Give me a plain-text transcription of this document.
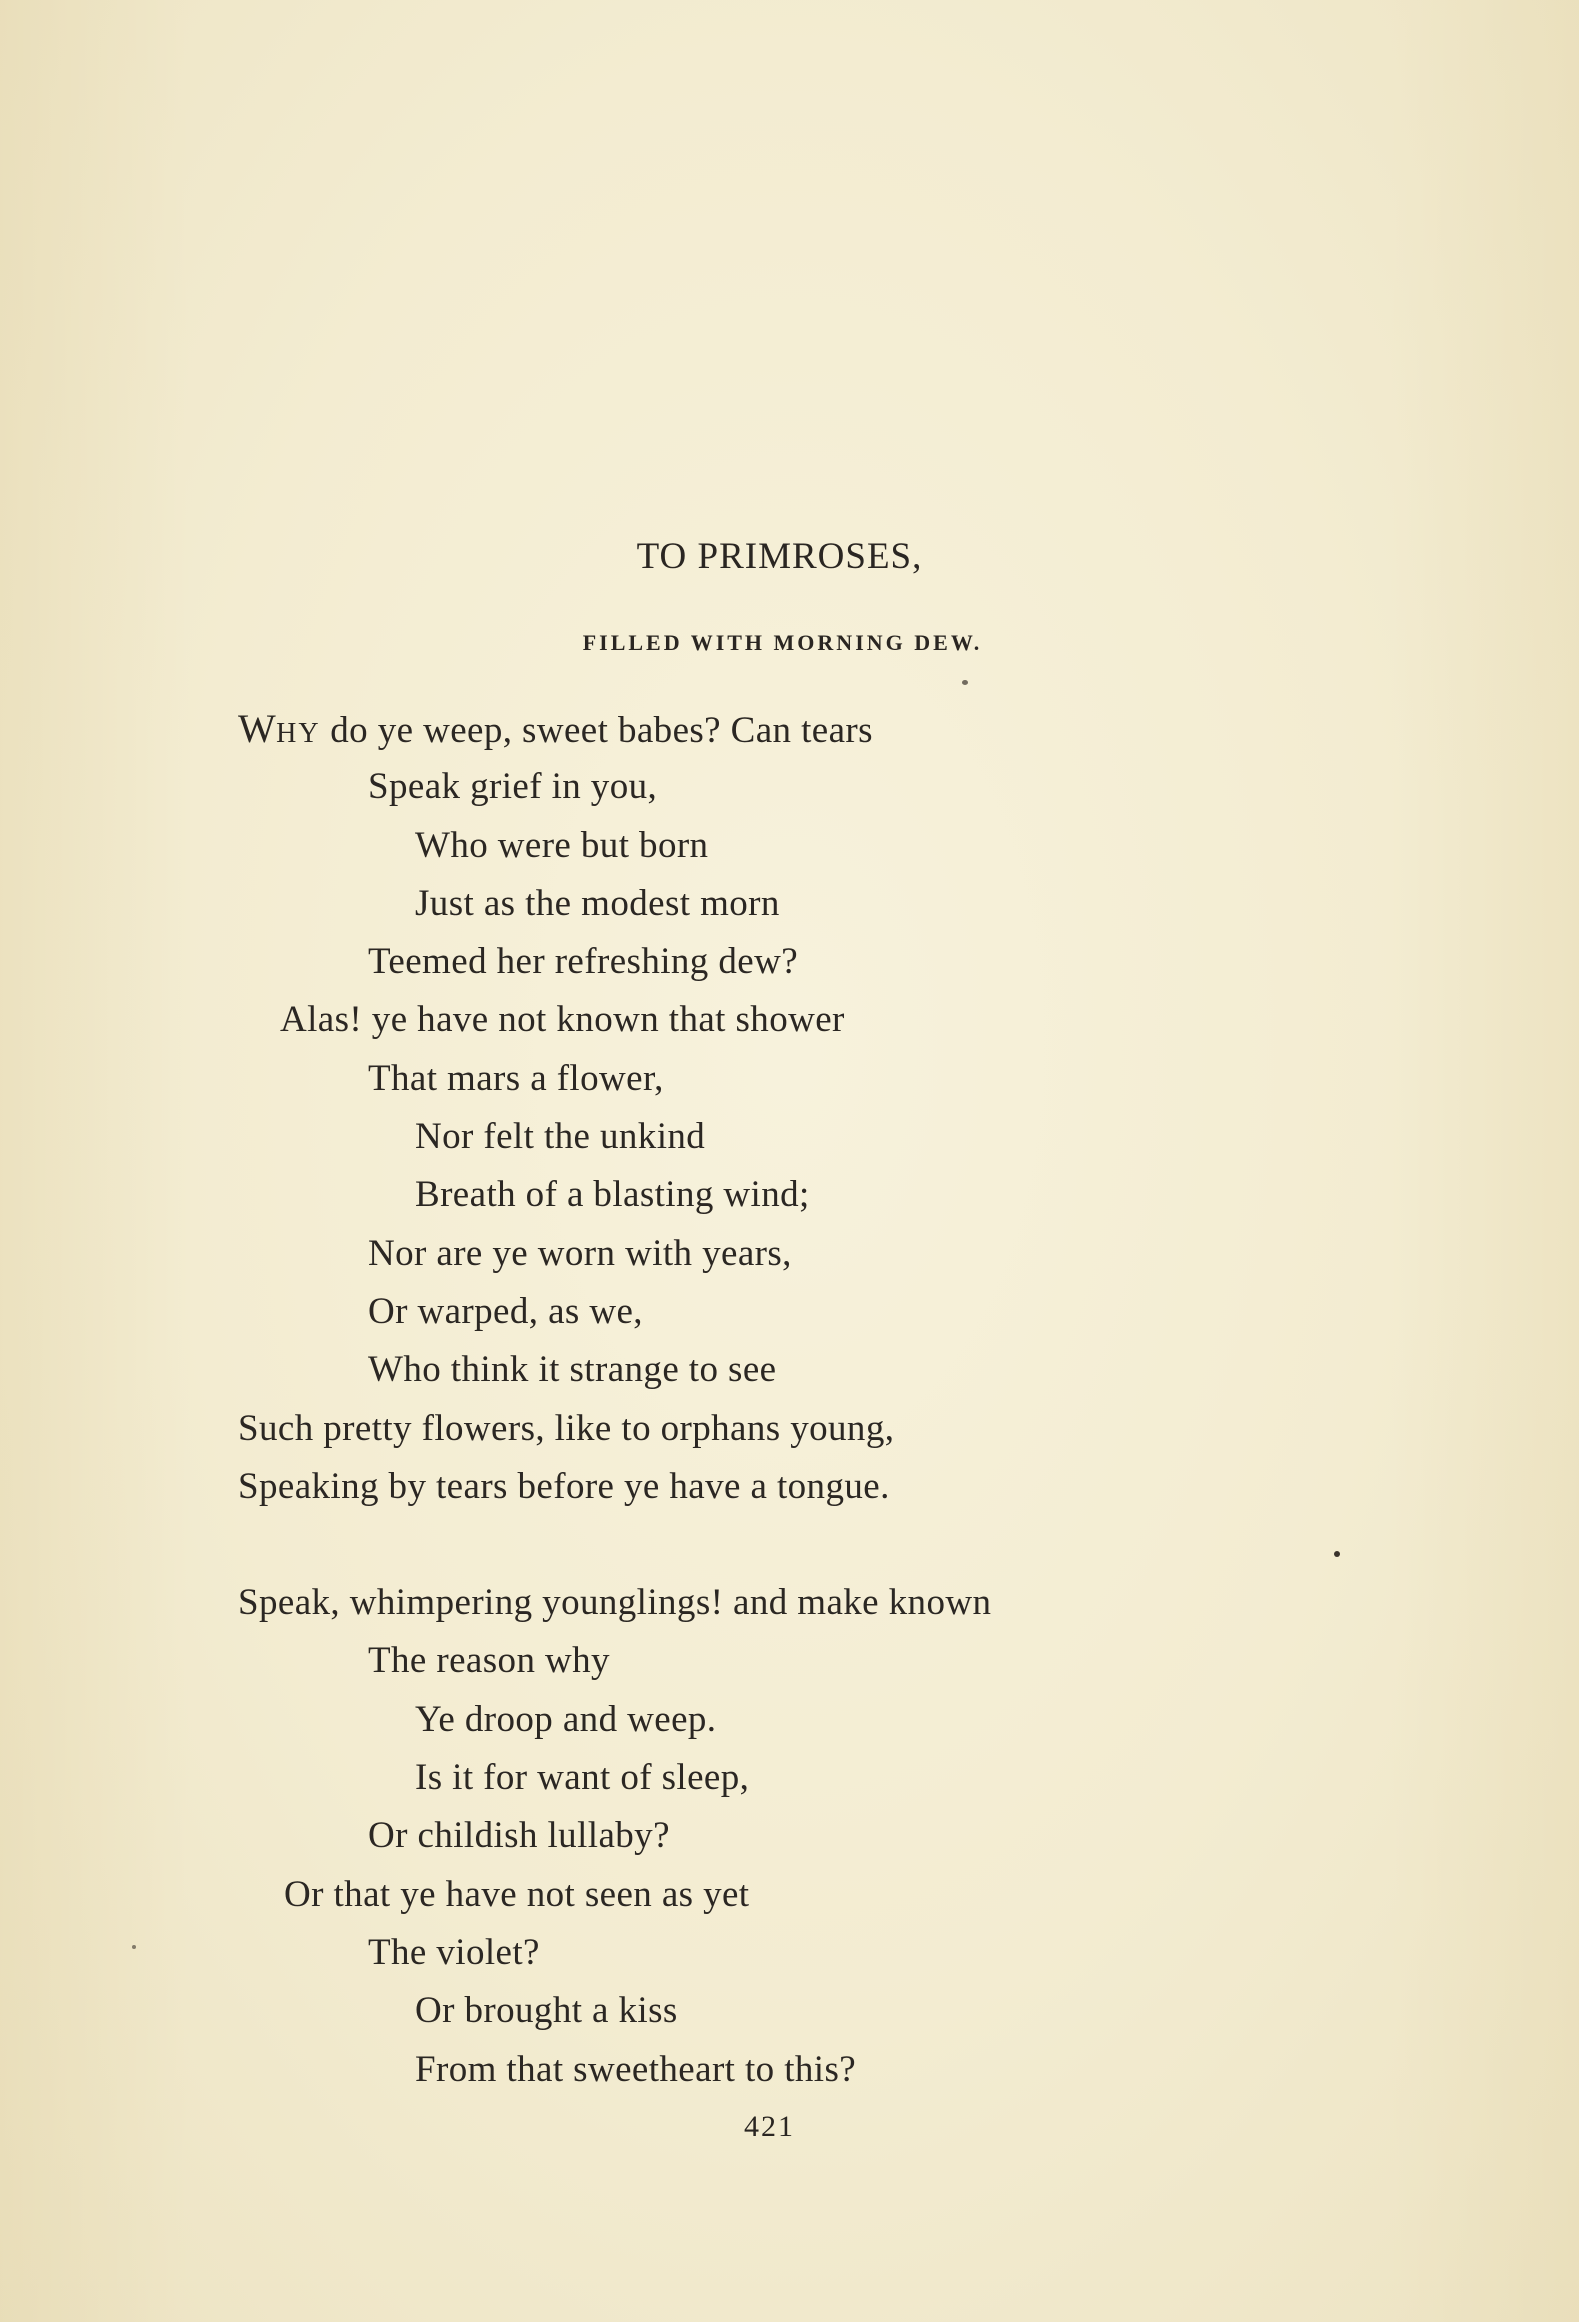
TO PRIMROSES,
FILLED WITH MORNING DEW.
WHY do ye weep, sweet babes? Can tears
Speak grief in you,
Who were but born
Just as the modest morn
Teemed her refreshing dew?
Alas! ye have not known that shower
That mars a flower,
Nor felt the unkind
Breath of a blasting wind;
Nor are ye worn with years,
Or warped, as we,
Who think it strange to see
Such pretty flowers, like to orphans young,
Speaking by tears before ye have a tongue.
Speak, whimpering younglings! and make known
The reason why
Ye droop and weep.
Is it for want of sleep,
Or childish lullaby?
Or that ye have not seen as yet
The violet?
Or brought a kiss
From that sweetheart to this?
421
